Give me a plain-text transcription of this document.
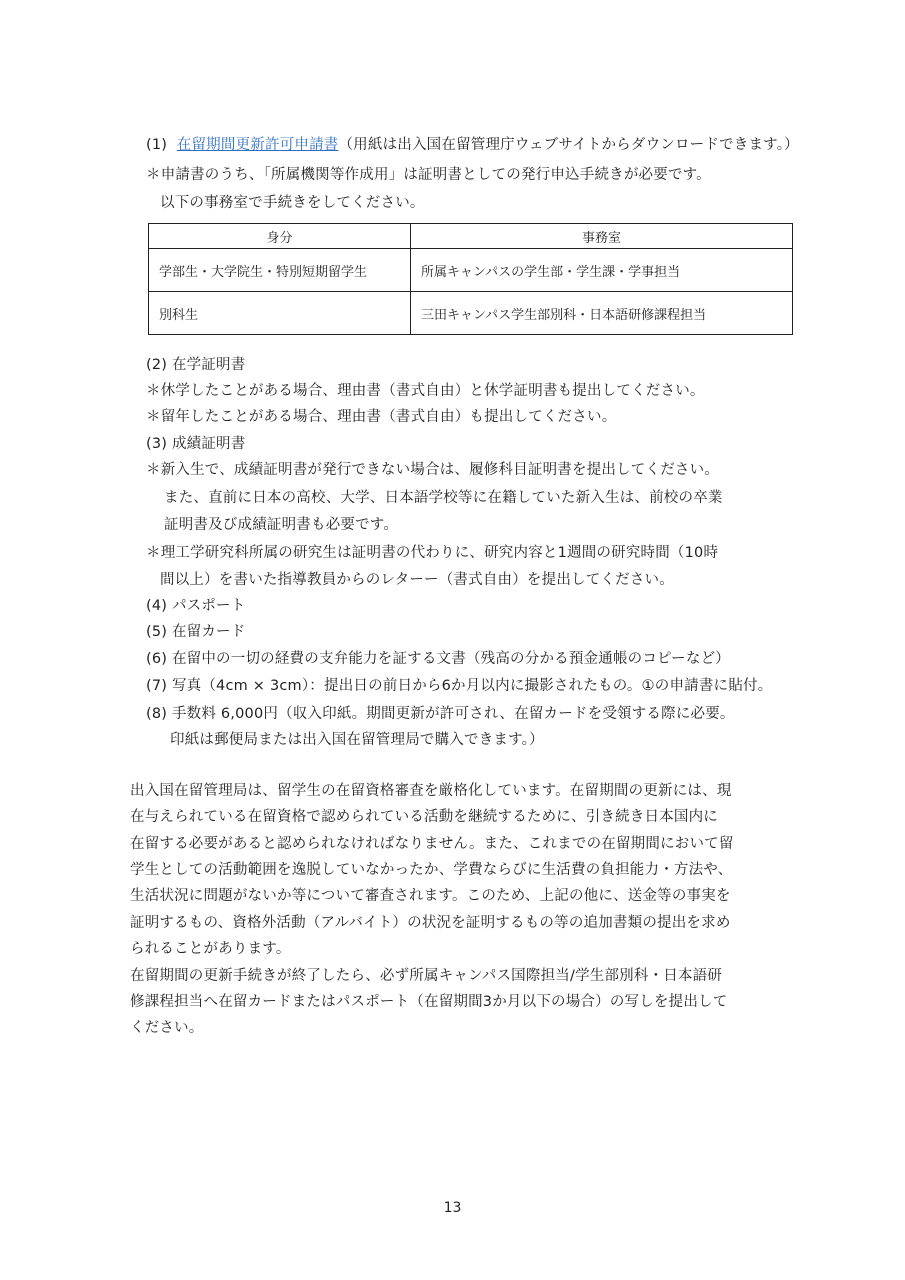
(1) 在留期間更新許可申請書（用紙は出入国在留管理庁ウェブサイトからダウンロードできます。）
＊申請書のうち、「所属機関等作成用」は証明書としての発行申込手続きが必要です。
以下の事務室で手続きをしてください。
身分	事務室
学部生・大学院生・特別短期留学生	所属キャンパスの学生部・学生課・学事担当
別科生	三田キャンパス学生部別科・日本語研修課程担当
(2) 在学証明書
＊休学したことがある場合、理由書（書式自由）と休学証明書も提出してください。
＊留年したことがある場合、理由書（書式自由）も提出してください。
(3) 成績証明書
＊新入生で、成績証明書が発行できない場合は、履修科目証明書を提出してください。
また、直前に日本の高校、大学、日本語学校等に在籍していた新入生は、前校の卒業
証明書及び成績証明書も必要です。
＊理工学研究科所属の研究生は証明書の代わりに、研究内容と1週間の研究時間（10時
間以上）を書いた指導教員からのレターー（書式自由）を提出してください。
(4) パスポート
(5) 在留カード
(6) 在留中の一切の経費の支弁能力を証する文書（残高の分かる預金通帳のコピーなど）
(7) 写真（4cm × 3cm）：提出日の前日から6か月以内に撮影されたもの。①の申請書に貼付。
(8) 手数料 6,000円（収入印紙。期間更新が許可され、在留カードを受領する際に必要。
印紙は郵便局または出入国在留管理局で購入できます。）
出入国在留管理局は、留学生の在留資格審査を厳格化しています。在留期間の更新には、現
在与えられている在留資格で認められている活動を継続するために、引き続き日本国内に
在留する必要があると認められなければなりません。また、これまでの在留期間において留
学生としての活動範囲を逸脱していなかったか、学費ならびに生活費の負担能力・方法や、
生活状況に問題がないか等について審査されます。このため、上記の他に、送金等の事実を
証明するもの、資格外活動（アルバイト）の状況を証明するもの等の追加書類の提出を求め
られることがあります。
在留期間の更新手続きが終了したら、必ず所属キャンパス国際担当/学生部別科・日本語研
修課程担当へ在留カードまたはパスポート（在留期間3か月以下の場合）の写しを提出して
ください。
13
